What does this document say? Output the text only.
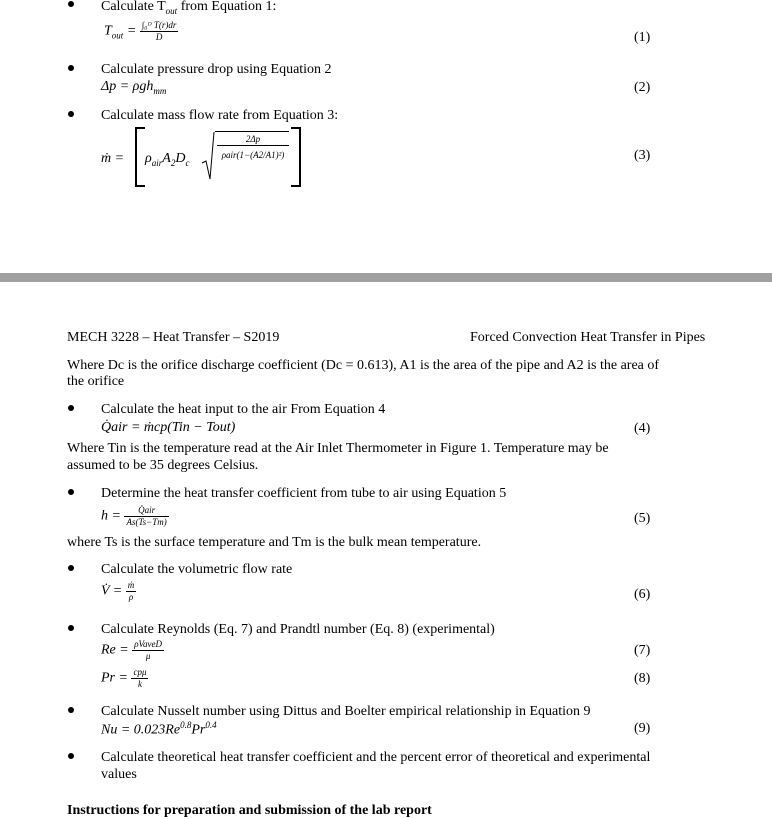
Calculate $T_{out}$ from Equation 1:
$T_{out} = \frac{\text{∫₀ᴰ T(r)dr}}{D}$	(1)
Calculate pressure drop using Equation 2
Δp = ρgh$_{mm}$	(2)
Calculate mass flow rate from Equation 3:
ṁ = $\rho_{air}A_2D_c$
2Δp
ρair(1−(A2/A1)²)	(3)
MECH 3228 – Heat Transfer – S2019	Forced Convection Heat Transfer in Pipes
Where Dc is the orifice discharge coefficient (Dc = 0.613), A1 is the area of the pipe and A2 is the area of
the orifice
Calculate the heat input to the air From Equation 4
Q̇air = ṁcp(Tin − Tout)	(4)
Where Tin is the temperature read at the Air Inlet Thermometer in Figure 1. Temperature may be
assumed to be 35 degrees Celsius.
Determine the heat transfer coefficient from tube to air using Equation 5
$h = \frac{\text{Q̇air}}{As(Ts-Tm)}$	(5)
where Ts is the surface temperature and Tm is the bulk mean temperature.
Calculate the volumetric flow rate
V̇ = $\frac{\text{ṁ}}{\rho}$	(6)
Calculate Reynolds (Eq. 7) and Prandtl number (Eq. 8) (experimental)
$Re = \frac{\text{ρVaveD}}{\mu}$	(7)
$Pr = \frac{\text{cpμ}}{k}$	(8)
Calculate Nusselt number using Dittus and Boelter empirical relationship in Equation 9
$Nu = 0.023Re^{0.8}Pr^{0.4}$	(9)
Calculate theoretical heat transfer coefficient and the percent error of theoretical and experimental
values
Instructions for preparation and submission of the lab report
